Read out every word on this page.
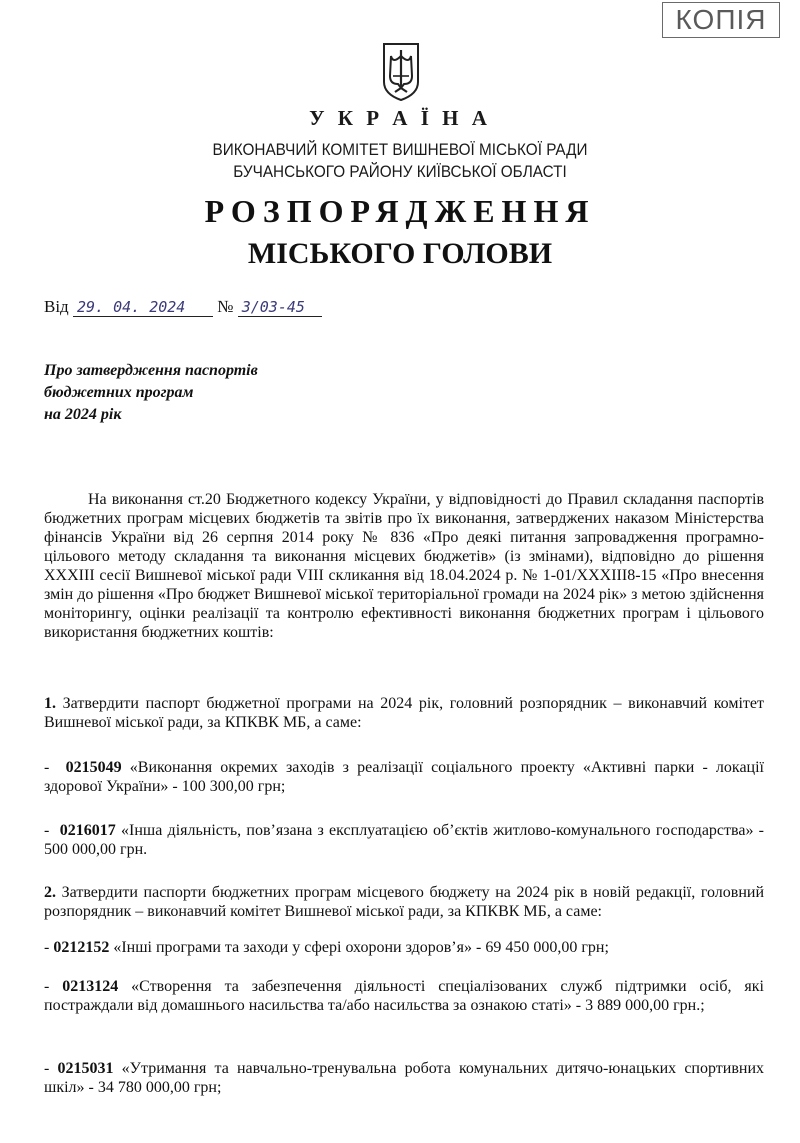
КОПІЯ
У К Р А Ї Н А
ВИКОНАВЧИЙ КОМІТЕТ ВИШНЕВОЇ МІСЬКОЇ РАДИ
БУЧАНСЬКОГО РАЙОНУ КИЇВСЬКОЇ ОБЛАСТІ
РОЗПОРЯДЖЕННЯ
МІСЬКОГО ГОЛОВИ
Від 29. 04. 2024 № 3/03-45
Про затвердження паспортів
бюджетних програм
на 2024 рік
На виконання ст.20 Бюджетного кодексу України, у відповідності до Правил складання паспортів бюджетних програм місцевих бюджетів та звітів про їх виконання, затверджених наказом Міністерства фінансів України від 26 серпня 2014 року № 836 «Про деякі питання запровадження програмно-цільового методу складання та виконання місцевих бюджетів» (із змінами), відповідно до рішення XXXIII сесії Вишневої міської ради VIII скликання від 18.04.2024 р. № 1-01/XXXIII8-15 «Про внесення змін до рішення «Про бюджет Вишневої міської територіальної громади на 2024 рік» з метою здійснення моніторингу, оцінки реалізації та контролю ефективності виконання бюджетних програм і цільового використання бюджетних коштів:
1. Затвердити паспорт бюджетної програми на 2024 рік, головний розпорядник – виконавчий комітет Вишневої міської ради, за КПКВК МБ, а саме:
- 0215049 «Виконання окремих заходів з реалізації соціального проекту «Активні парки - локації здорової України» - 100 300,00 грн;
- 0216017 «Інша діяльність, пов’язана з експлуатацією об’єктів житлово-комунального господарства» - 500 000,00 грн.
2. Затвердити паспорти бюджетних програм місцевого бюджету на 2024 рік в новій редакції, головний розпорядник – виконавчий комітет Вишневої міської ради, за КПКВК МБ, а саме:
- 0212152 «Інші програми та заходи у сфері охорони здоров’я» - 69 450 000,00 грн;
- 0213124 «Створення та забезпечення діяльності спеціалізованих служб підтримки осіб, які постраждали від домашнього насильства та/або насильства за ознакою статі» - 3 889 000,00 грн.;
- 0215031 «Утримання та навчально-тренувальна робота комунальних дитячо-юнацьких спортивних шкіл» - 34 780 000,00 грн;
